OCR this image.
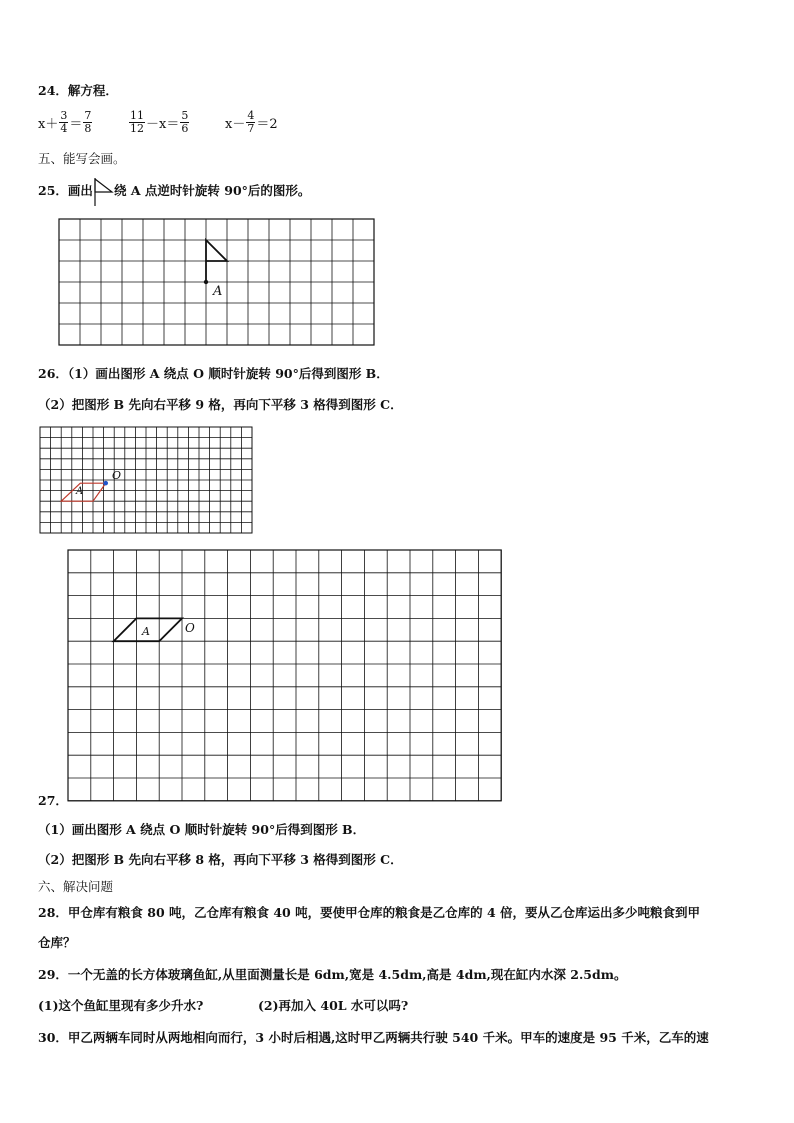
24．解方程．
$x+ \frac{3}{4} = \frac{7}{8}$	$\frac{11}{12} -x= \frac{5}{6}$	$x- \frac{4}{7} =2$
五、能写会画。
25．画出 绕 A 点逆时针旋转 90°后的图形。
A
26．（1）画出图形 A 绕点 O 顺时针旋转 90°后得到图形 B．
（2）把图形 B 先向右平移 9 格，再向下平移 3 格得到图形 C．
A
O
A	O
27．
（1）画出图形 A 绕点 O 顺时针旋转 90°后得到图形 B．
（2）把图形 B 先向右平移 8 格，再向下平移 3 格得到图形 C．
六、解决问题
28．甲仓库有粮食 80 吨，乙仓库有粮食 40 吨，要使甲仓库的粮食是乙仓库的 4 倍，要从乙仓库运出多少吨粮食到甲
仓库？
29．一个无盖的长方体玻璃鱼缸,从里面测量长是 6dm,宽是 4.5dm,高是 4dm,现在缸内水深 2.5dm。
(1)这个鱼缸里现有多少升水?	(2)再加入 40L 水可以吗?
30．甲乙两辆车同时从两地相向而行，3 小时后相遇,这时甲乙两辆共行驶 540 千米。甲车的速度是 95 千米，乙车的速
